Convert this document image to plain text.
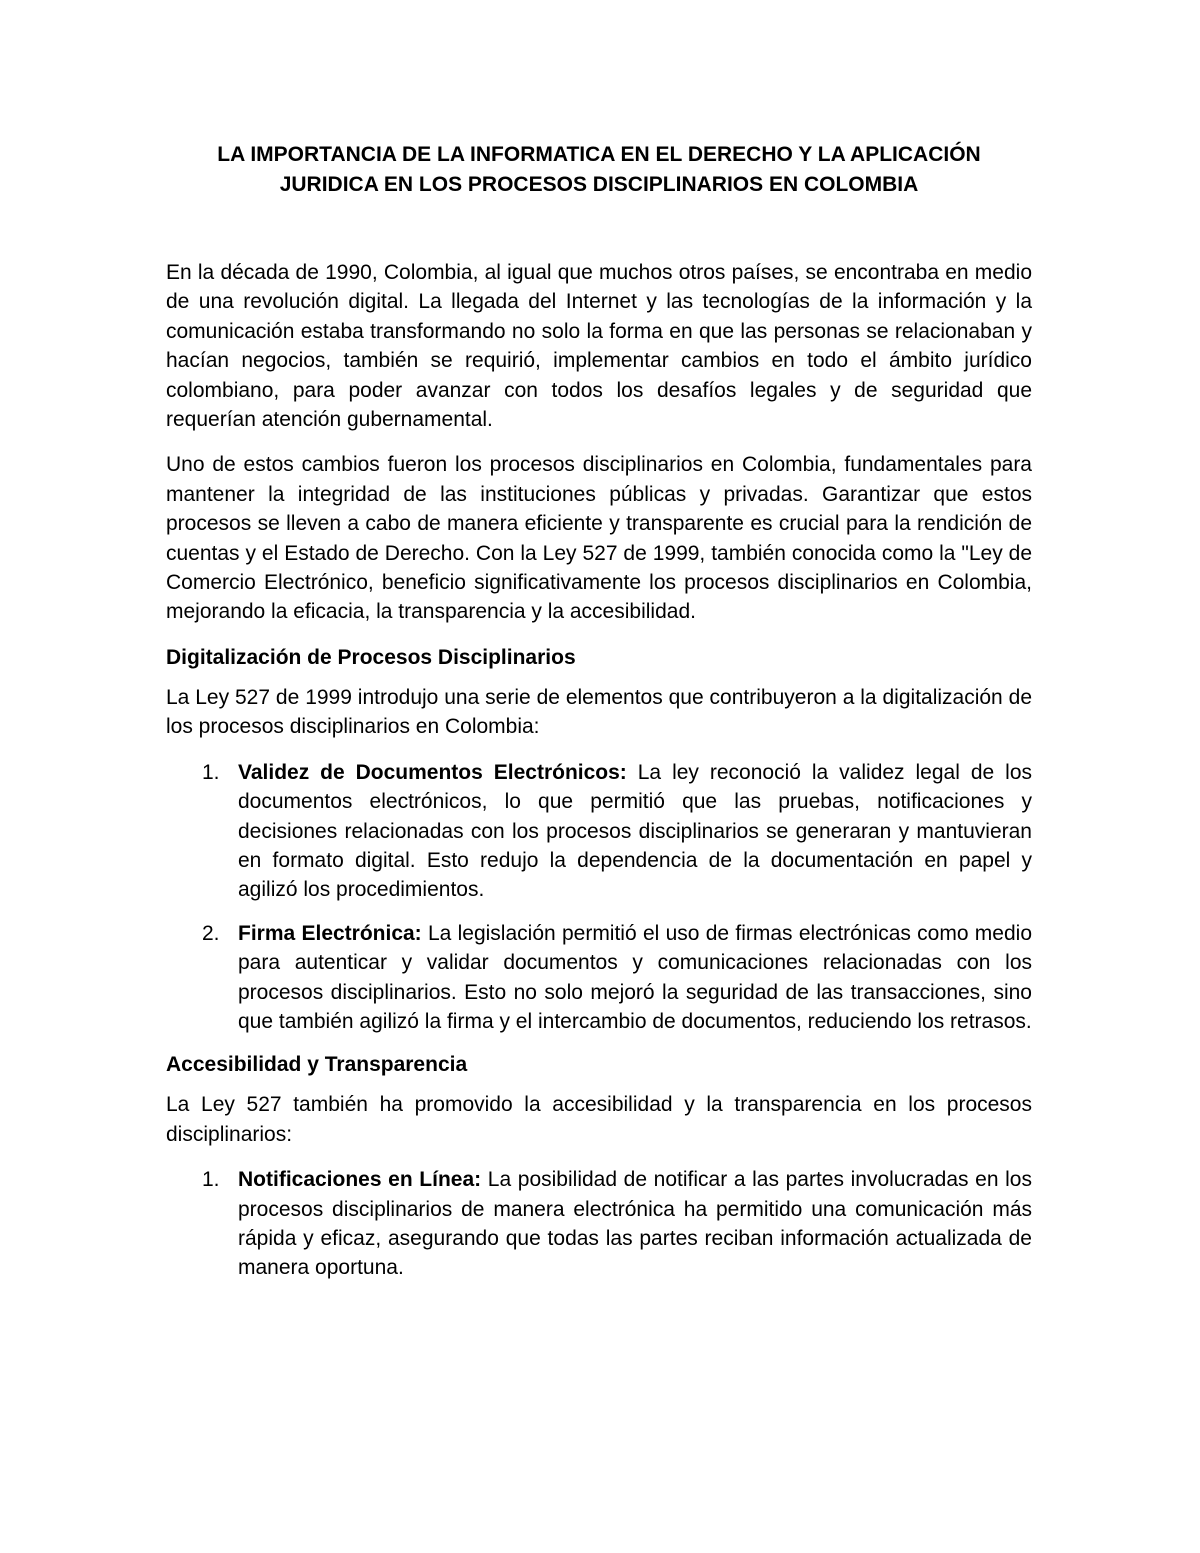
LA IMPORTANCIA DE LA INFORMATICA EN EL DERECHO Y LA APLICACIÓN
JURIDICA EN LOS PROCESOS DISCIPLINARIOS EN COLOMBIA

En la década de 1990, Colombia, al igual que muchos otros países, se encontraba en medio de una revolución digital. La llegada del Internet y las tecnologías de la información y la comunicación estaba transformando no solo la forma en que las personas se relacionaban y hacían negocios, también se requirió, implementar cambios en todo el ámbito jurídico colombiano, para poder avanzar con todos los desafíos legales y de seguridad que requerían atención gubernamental.

Uno de estos cambios fueron los procesos disciplinarios en Colombia, fundamentales para mantener la integridad de las instituciones públicas y privadas. Garantizar que estos procesos se lleven a cabo de manera eficiente y transparente es crucial para la rendición de cuentas y el Estado de Derecho. Con la Ley 527 de 1999, también conocida como la "Ley de Comercio Electrónico, beneficio significativamente los procesos disciplinarios en Colombia, mejorando la eficacia, la transparencia y la accesibilidad.

Digitalización de Procesos Disciplinarios

La Ley 527 de 1999 introdujo una serie de elementos que contribuyeron a la digitalización de los procesos disciplinarios en Colombia:

1. Validez de Documentos Electrónicos: La ley reconoció la validez legal de los documentos electrónicos, lo que permitió que las pruebas, notificaciones y decisiones relacionadas con los procesos disciplinarios se generaran y mantuvieran en formato digital. Esto redujo la dependencia de la documentación en papel y agilizó los procedimientos.
2. Firma Electrónica: La legislación permitió el uso de firmas electrónicas como medio para autenticar y validar documentos y comunicaciones relacionadas con los procesos disciplinarios. Esto no solo mejoró la seguridad de las transacciones, sino que también agilizó la firma y el intercambio de documentos, reduciendo los retrasos.
Accesibilidad y Transparencia

La Ley 527 también ha promovido la accesibilidad y la transparencia en los procesos disciplinarios:

1. Notificaciones en Línea: La posibilidad de notificar a las partes involucradas en los procesos disciplinarios de manera electrónica ha permitido una comunicación más rápida y eficaz, asegurando que todas las partes reciban información actualizada de manera oportuna.
